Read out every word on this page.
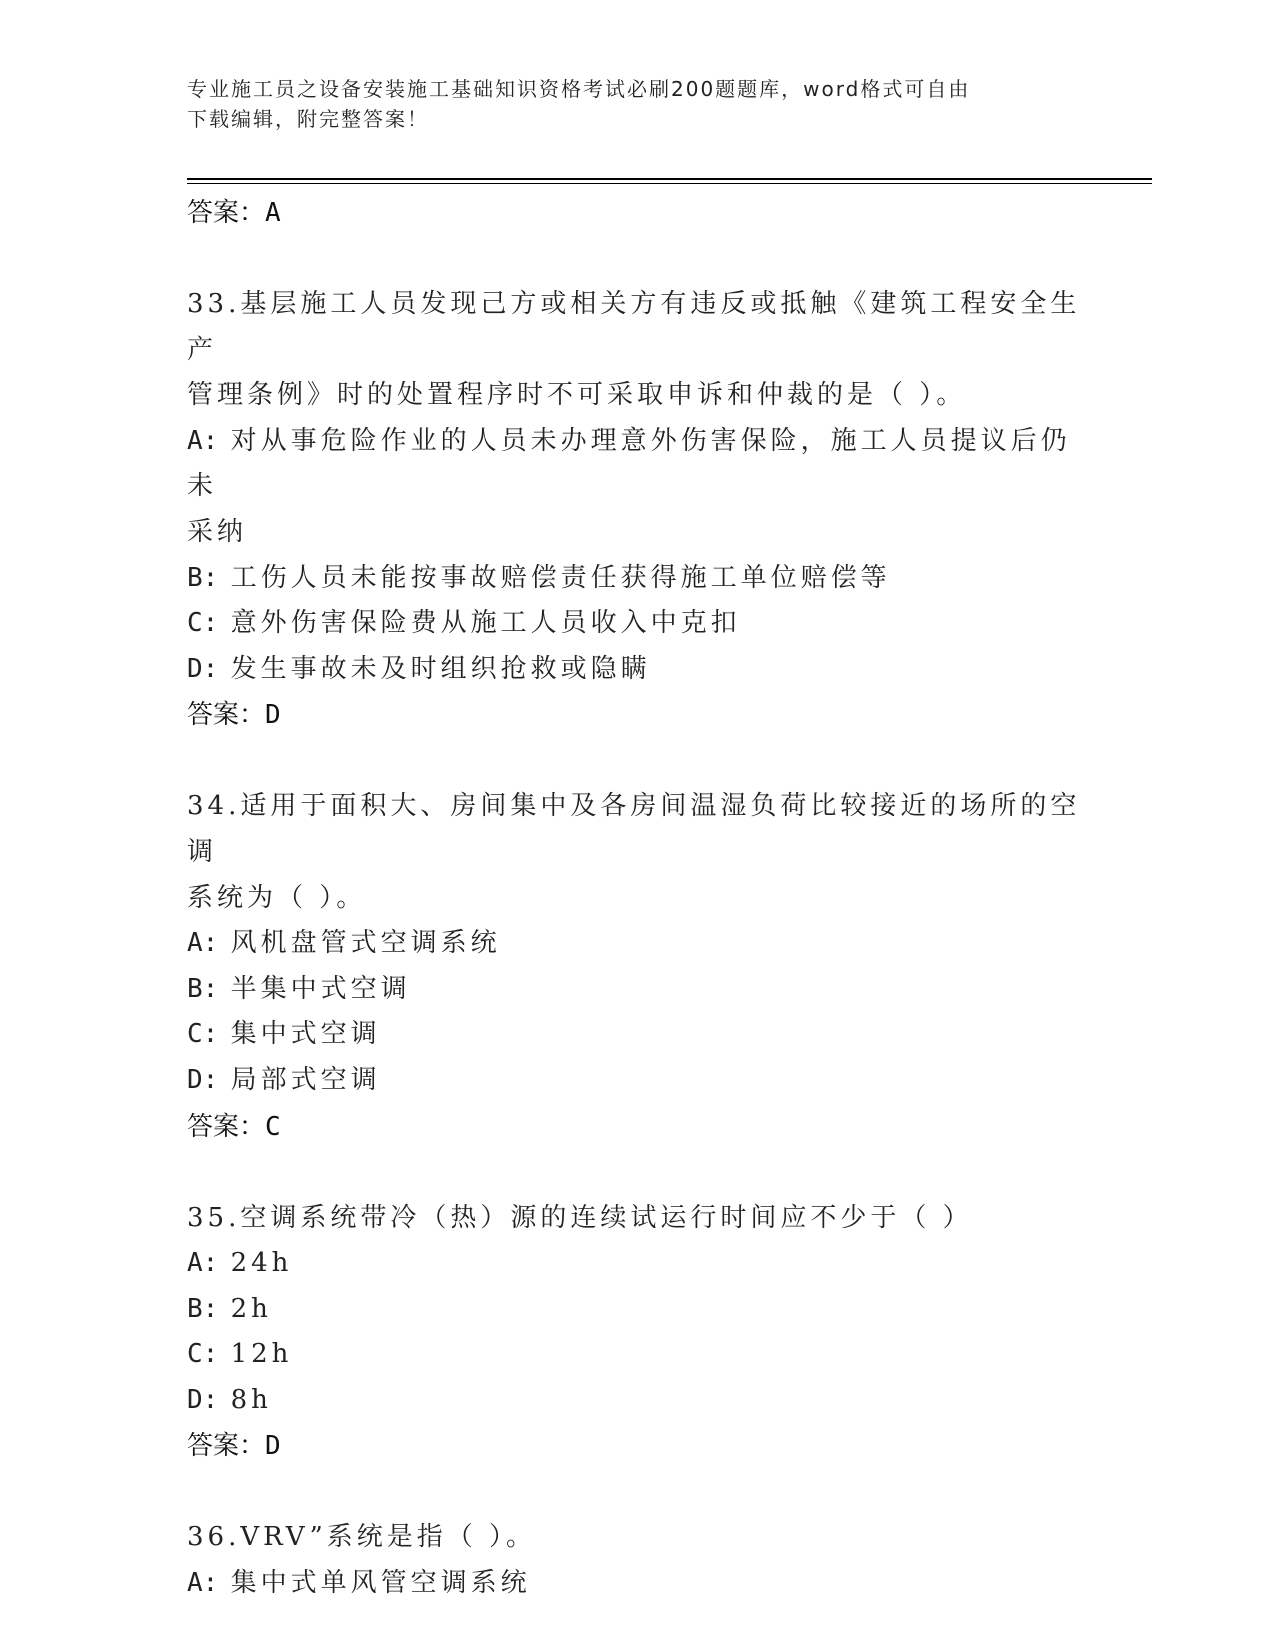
专业施工员之设备安装施工基础知识资格考试必刷200题题库，word格式可自由
下载编辑，附完整答案！
答案：A
33.基层施工人员发现己方或相关方有违反或抵触《建筑工程安全生产
管理条例》时的处置程序时不可采取申诉和仲裁的是（ ）。
A: 对从事危险作业的人员未办理意外伤害保险，施工人员提议后仍未
采纳
B: 工伤人员未能按事故赔偿责任获得施工单位赔偿等
C: 意外伤害保险费从施工人员收入中克扣
D: 发生事故未及时组织抢救或隐瞒
答案：D
34.适用于面积大、房间集中及各房间温湿负荷比较接近的场所的空调
系统为（ ）。
A: 风机盘管式空调系统
B: 半集中式空调
C: 集中式空调
D: 局部式空调
答案：C
35.空调系统带冷（热）源的连续试运行时间应不少于（ ）
A: 24h
B: 2h
C: 12h
D: 8h
答案：D
36.VRV”系统是指（ ）。
A: 集中式单风管空调系统
